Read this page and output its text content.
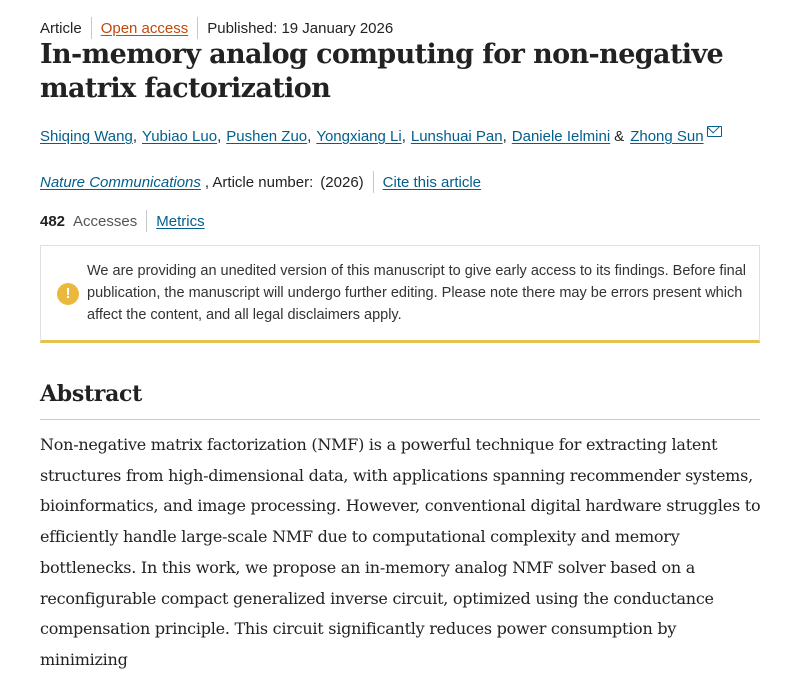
Article Open access Published: 19 January 2026
In-memory analog computing for non-negative matrix factorization
Shiqing Wang , Yubiao Luo , Pushen Zuo , Yongxiang Li , Lunshuai Pan , Daniele Ielmini & Zhong Sun
Nature Communications , Article number: (2026) Cite this article
482 Accesses Metrics
!
We are providing an unedited version of this manuscript to give early access to its findings. Before final publication, the manuscript will undergo further editing. Please note there may be errors present which affect the content, and all legal disclaimers apply.
Abstract

Non-negative matrix factorization (NMF) is a powerful technique for extracting latent structures from high-dimensional data, with applications spanning recommender systems, bioinformatics, and image processing. However, conventional digital hardware struggles to efficiently handle large-scale NMF due to computational complexity and memory bottlenecks. In this work, we propose an in-memory analog NMF solver based on a reconfigurable compact generalized inverse circuit, optimized using the conductance compensation principle. This circuit significantly reduces power consumption by minimizing
